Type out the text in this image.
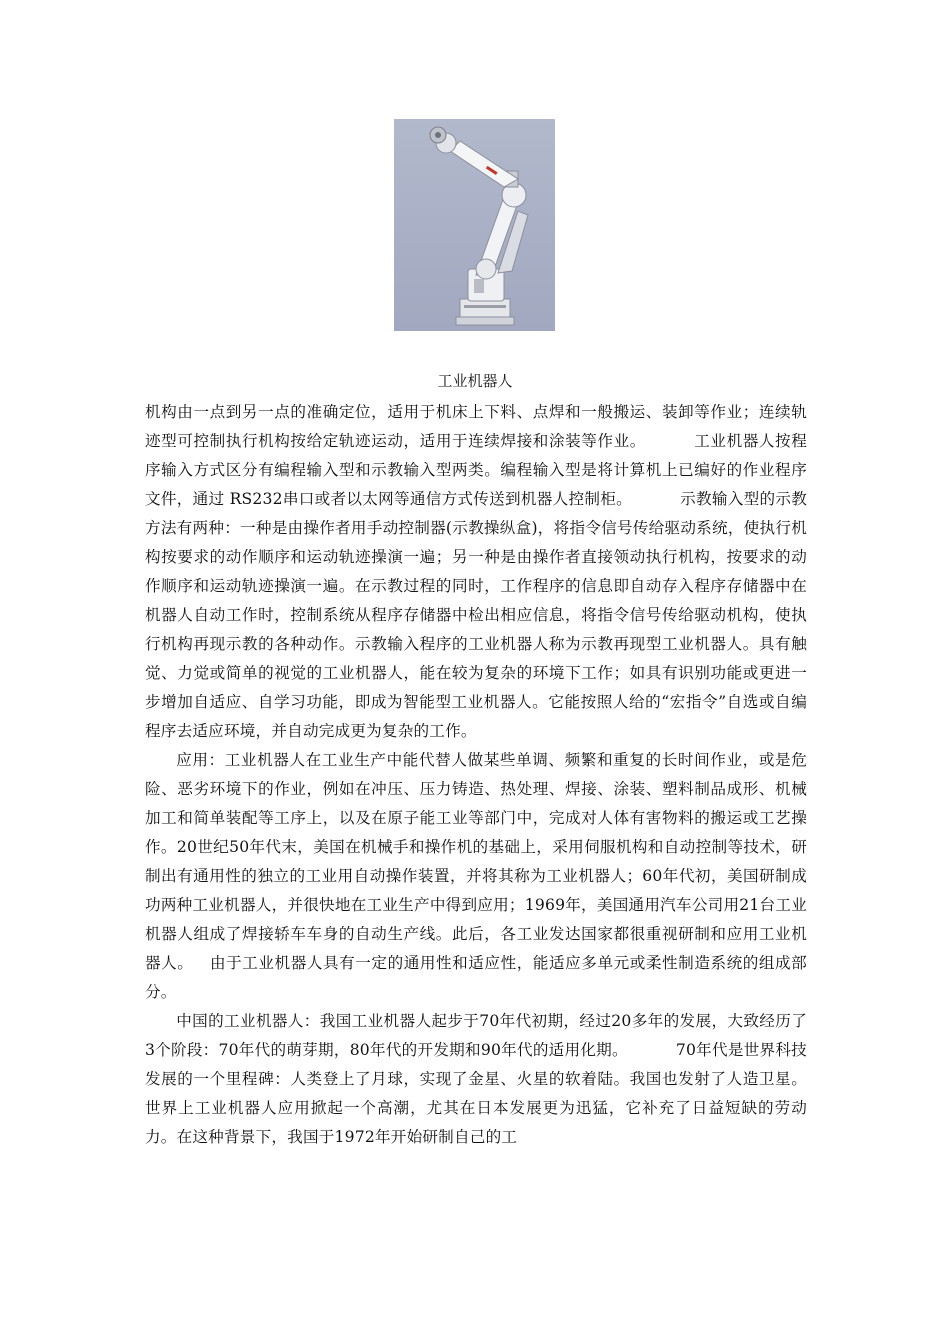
工业机器人

机构由一点到另一点的准确定位，适用于机床上下料、点焊和一般搬运、装卸等作业；连续轨迹型可控制执行机构按给定轨迹运动，适用于连续焊接和涂装等作业。	工业机器人按程序输入方式区分有编程输入型和示教输入型两类。编程输入型是将计算机上已编好的作业程序文件，通过 RS232串口或者以太网等通信方式传送到机器人控制柜。	示教输入型的示教方法有两种：一种是由操作者用手动控制器(示教操纵盒)，将指令信号传给驱动系统，使执行机构按要求的动作顺序和运动轨迹操演一遍；另一种是由操作者直接领动执行机构，按要求的动作顺序和运动轨迹操演一遍。在示教过程的同时，工作程序的信息即自动存入程序存储器中在机器人自动工作时，控制系统从程序存储器中检出相应信息，将指令信号传给驱动机构，使执行机构再现示教的各种动作。示教输入程序的工业机器人称为示教再现型工业机器人。具有触觉、力觉或简单的视觉的工业机器人，能在较为复杂的环境下工作；如具有识别功能或更进一步增加自适应、自学习功能，即成为智能型工业机器人。它能按照人给的“宏指令”自选或自编程序去适应环境，并自动完成更为复杂的工作。

应用：工业机器人在工业生产中能代替人做某些单调、频繁和重复的长时间作业，或是危险、恶劣环境下的作业，例如在冲压、压力铸造、热处理、焊接、涂装、塑料制品成形、机械加工和简单装配等工序上，以及在原子能工业等部门中，完成对人体有害物料的搬运或工艺操作。20世纪50年代末，美国在机械手和操作机的基础上，采用伺服机构和自动控制等技术，研制出有通用性的独立的工业用自动操作装置，并将其称为工业机器人；60年代初，美国研制成功两种工业机器人，并很快地在工业生产中得到应用；1969年，美国通用汽车公司用21台工业机器人组成了焊接轿车车身的自动生产线。此后，各工业发达国家都很重视研制和应用工业机器人。 由于工业机器人具有一定的通用性和适应性，能适应多单元或柔性制造系统的组成部分。

中国的工业机器人：我国工业机器人起步于70年代初期，经过20多年的发展，大致经历了3个阶段：70年代的萌芽期，80年代的开发期和90年代的适用化期。	70年代是世界科技发展的一个里程碑：人类登上了月球，实现了金星、火星的软着陆。我国也发射了人造卫星。世界上工业机器人应用掀起一个高潮，尤其在日本发展更为迅猛，它补充了日益短缺的劳动力。在这种背景下，我国于1972年开始研制自己的工
